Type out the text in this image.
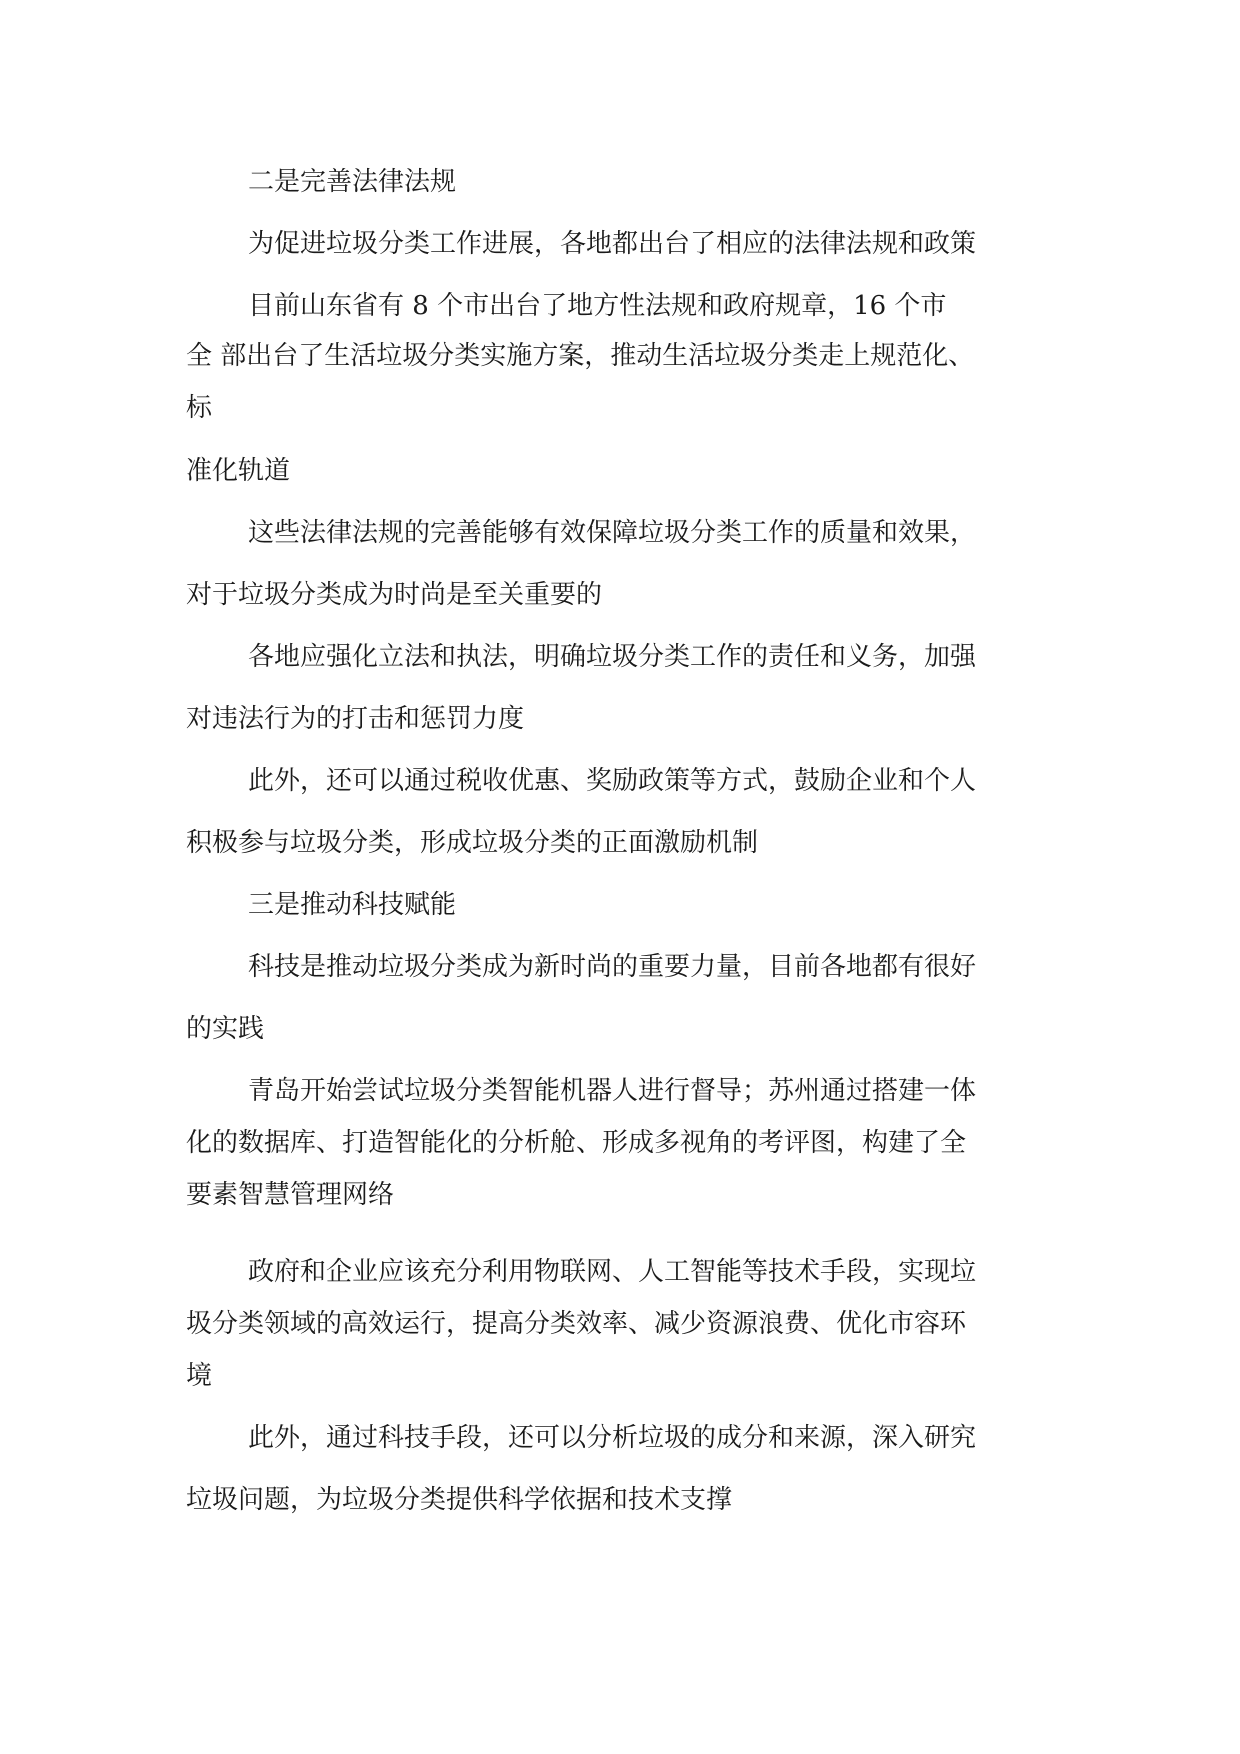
二是完善法律法规
为促进垃圾分类工作进展，各地都出台了相应的法律法规和政策
目前山东省有 8 个市出台了地方性法规和政府规章，16 个市
全 部出台了生活垃圾分类实施方案，推动生活垃圾分类走上规范化、
标
准化轨道
这些法律法规的完善能够有效保障垃圾分类工作的质量和效果，
对于垃圾分类成为时尚是至关重要的
各地应强化立法和执法，明确垃圾分类工作的责任和义务，加强
对违法行为的打击和惩罚力度
此外，还可以通过税收优惠、奖励政策等方式，鼓励企业和个人
积极参与垃圾分类，形成垃圾分类的正面激励机制
三是推动科技赋能
科技是推动垃圾分类成为新时尚的重要力量，目前各地都有很好
的实践
青岛开始尝试垃圾分类智能机器人进行督导；苏州通过搭建一体
化的数据库、打造智能化的分析舱、形成多视角的考评图，构建了全
要素智慧管理网络
政府和企业应该充分利用物联网、人工智能等技术手段，实现垃
圾分类领域的高效运行，提高分类效率、减少资源浪费、优化市容环
境
此外，通过科技手段，还可以分析垃圾的成分和来源，深入研究
垃圾问题，为垃圾分类提供科学依据和技术支撑
